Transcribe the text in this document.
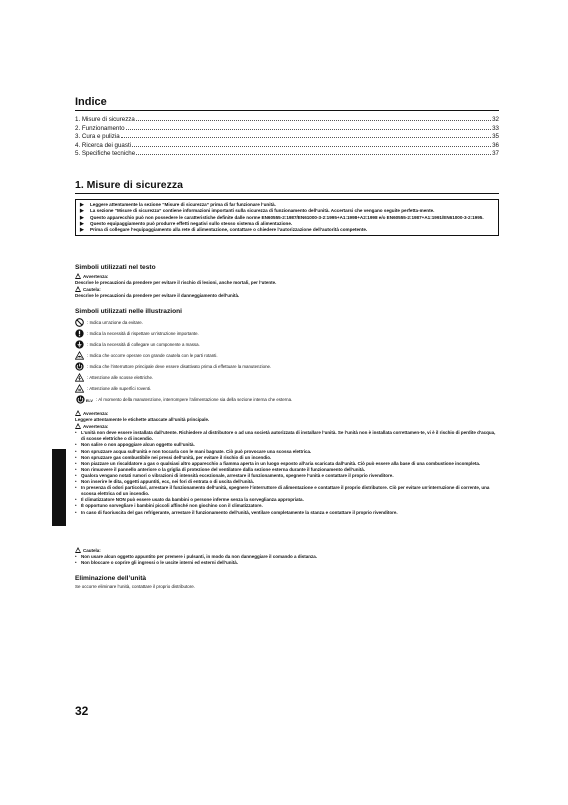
Indice
1. Misure di sicurezza	32
2. Funzionamento	33
3. Cura e pulizia	35
4. Ricerca dei guasti	36
5. Specifiche tecniche	37
1. Misure di sicurezza
▶ Leggere attentamente la sezione “Misure di sicurezza” prima di far funzionare l’unità.
▶ La sezione “Misure di sicurezza” contiene informazioni importanti sulla sicurezza di funzionamento dell’unità. Accertarsi che vengano seguite perfetta-mente.
▶ Questo apparecchio può non possedere le caratteristiche definite dalle norme EN60555-2:1987/EN61000-3-2:1995+A1:1998+A2:1998 e/o EN60555-2:1987+A1:1991/EN61000-3-2:1995.
▶ Questo equipaggiamento può produrre effetti negativi sullo stesso sistema di alimentazione.
▶ Prima di collegare l’equipaggiamento alla rete di alimentazione, contattare o chiedere l’autorizzazione dell’autorità competente.
Simboli utilizzati nel testo
Avvertenza:
Descrive le precauzioni da prendere per evitare il rischio di lesioni, anche mortali, per l’utente.
Cautela:
Descrive le precauzioni da prendere per evitare il danneggiamento dell’unità.
Simboli utilizzati nelle illustrazioni
: Indica un’azione da evitare.
: Indica la necessità di rispettare un’istruzione importante.
: Indica la necessità di collegare un componente a massa.
: Indica che occorre operare con grande cautela con le parti rotanti.
: Indica che l’interruttore principale deve essere disattivato prima di effettuare la manutenzione.
: Attenzione alle scosse elettriche.
: Attenzione alle superfici roventi.
ELV : Al momento della manutenzione, interrompere l’alimentazione sia della sezione interna che esterna.
Avvertenza:
Leggere attentamente le etichette attaccate all’unità principale.
Avvertenza:
• L’unità non deve essere installata dall’utente. Richiedere al distributore o ad una società autorizzata di installare l’unità. Se l’unità non è installata correttamen-te, vi è il rischio di perdite d’acqua, di scosse elettriche o di incendio.
• Non salire o non appoggiare alcun oggetto sull’unità.
• Non spruzzare acqua sull’unità e non toccarla con le mani bagnate. Ciò può provocare una scossa elettrica.
• Non spruzzare gas combustibile nei pressi dell’unità, per evitare il rischio di un incendio.
• Non piazzare un riscaldatore a gas o qualsiasi altro apparecchio a fiamma aperta in un luogo esposto all’aria scaricata dall’unità. Ciò può essere alla base di una combustione incompleta.
• Non rimuovere il pannello anteriore o la griglia di protezione del ventilatore dalla sezione esterna durante il funzionamento dell’unità.
• Qualora vengano notati rumori o vibrazioni di intensità eccezionale, arrestare il funzionamento, spegnere l’unità e contattare il proprio rivenditore.
• Non inserire le dita, oggetti appuntiti, ecc, nei fori di entrata o di uscita dell’unità.
• In presenza di odori particolari, arrestare il funzionamento dell’unità, spegnere l’interruttore di alimentazione e contattare il proprio distributore. Ciò per evitare un’interruzione di corrente, una scossa elettrica od un incendio.
• Il climatizzatore NON può essere usato da bambini o persone inferme senza la sorveglianza appropriata.
• È opportuno sorvegliare i bambini piccoli affinché non giochino con il climatizzatore.
• In caso di fuoriuscita del gas refrigerante, arrestare il funzionamento dell’unità, ventilare completamente la stanza e contattare il proprio rivenditore.
Cautela:
• Non usare alcun oggetto appuntito per premere i pulsanti, in modo da non danneggiare il comando a distanza.
• Non bloccare o coprire gli ingressi o le uscite interni ed esterni dell’unità.
Eliminazione dell’unità
Se occorre eliminare l’unità, contattare il proprio distributore.
32
